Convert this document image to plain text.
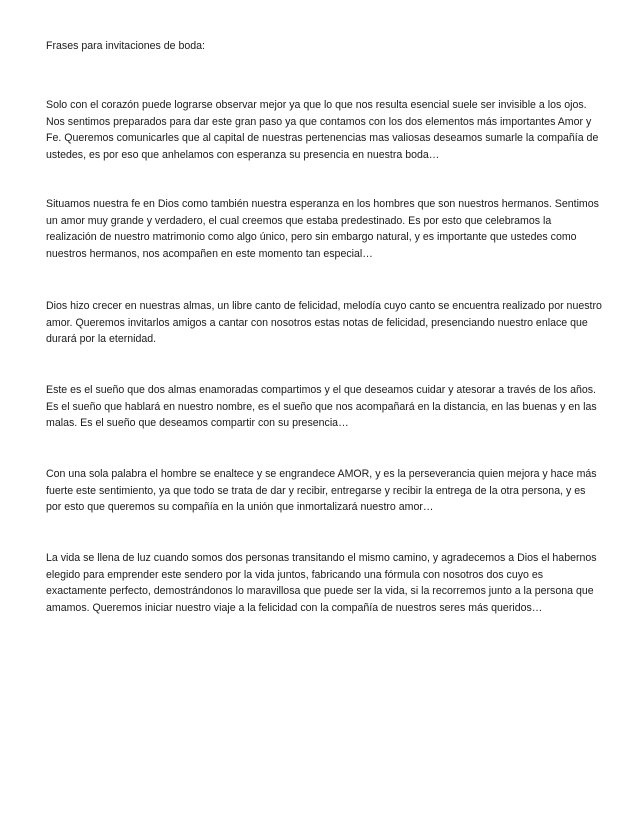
Frases para invitaciones de boda:

Solo con el corazón puede lograrse observar mejor ya que lo que nos resulta esencial suele ser invisible a los ojos. Nos sentimos preparados para dar este gran paso ya que contamos con los dos elementos más importantes Amor y Fe. Queremos comunicarles que al capital de nuestras pertenencias mas valiosas deseamos sumarle la compañía de ustedes, es por eso que anhelamos con esperanza su presencia en nuestra boda…

Situamos nuestra fe en Dios como también nuestra esperanza en los hombres que son nuestros hermanos. Sentimos un amor muy grande y verdadero, el cual creemos que estaba predestinado. Es por esto que celebramos la realización de nuestro matrimonio como algo único, pero sin embargo natural, y es importante que ustedes como nuestros hermanos, nos acompañen en este momento tan especial…

Dios hizo crecer en nuestras almas, un libre canto de felicidad, melodía cuyo canto se encuentra realizado por nuestro amor. Queremos invitarlos amigos a cantar con nosotros estas notas de felicidad, presenciando nuestro enlace que durará por la eternidad.

Este es el sueño que dos almas enamoradas compartimos y el que deseamos cuidar y atesorar a través de los años. Es el sueño que hablará en nuestro nombre, es el sueño que nos acompañará en la distancia, en las buenas y en las malas. Es el sueño que deseamos compartir con su presencia…

Con una sola palabra el hombre se enaltece y se engrandece AMOR, y es la perseverancia quien mejora y hace más fuerte este sentimiento, ya que todo se trata de dar y recibir, entregarse y recibir la entrega de la otra persona, y es por esto que queremos su compañía en la unión que inmortalizará nuestro amor…

La vida se llena de luz cuando somos dos personas transitando el mismo camino, y agradecemos a Dios el habernos elegido para emprender este sendero por la vida juntos, fabricando una fórmula con nosotros dos cuyo es exactamente perfecto, demostrándonos lo maravillosa que puede ser la vida, si la recorremos junto a la persona que amamos. Queremos iniciar nuestro viaje a la felicidad con la compañía de nuestros seres más queridos…
